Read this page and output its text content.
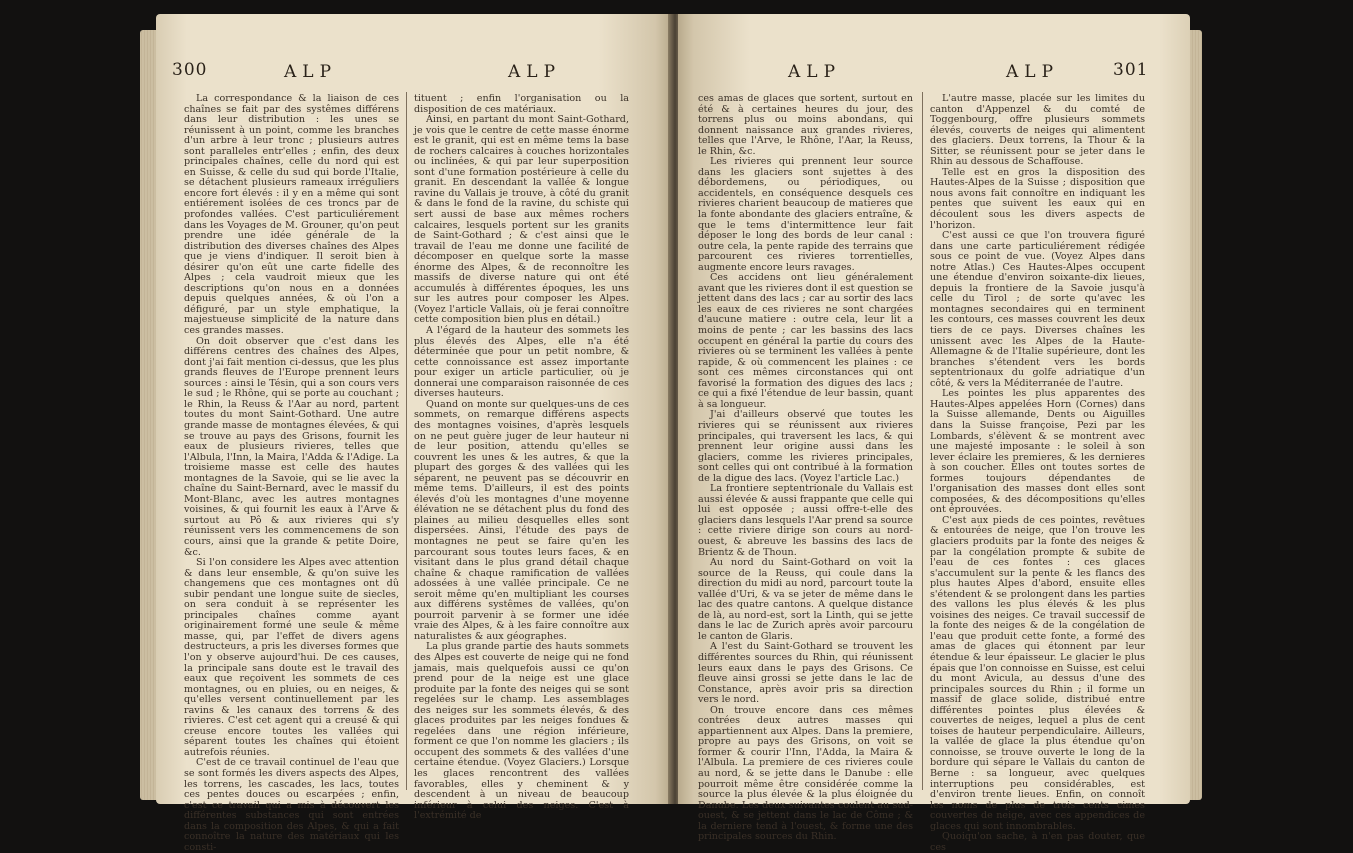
300	ALP	ALP

La correspondance & la liaison de ces chaînes se fait par des systêmes différens dans leur distribution : les unes se réunissent à un point, comme les branches d'un arbre à leur tronc ; plusieurs autres sont paralleles entr'elles ; enfin, des deux principales chaînes, celle du nord qui est en Suisse, & celle du sud qui borde l'Italie, se détachent plusieurs rameaux irréguliers encore fort élevés : il y en a même qui sont entiérement isolées de ces troncs par de profondes vallées. C'est particuliérement dans les Voyages de M. Grouner, qu'on peut prendre une idée générale de la distribution des diverses chaînes des Alpes que je viens d'indiquer. Il seroit bien à désirer qu'on eût une carte fidelle des Alpes ; cela vaudroit mieux que les descriptions qu'on nous en a données depuis quelques années, & où l'on a défiguré, par un style emphatique, la majestueuse simplicité de la nature dans ces grandes masses.

On doit observer que c'est dans les différens centres des chaînes des Alpes, dont j'ai fait mention ci-dessus, que les plus grands fleuves de l'Europe prennent leurs sources : ainsi le Tésin, qui a son cours vers le sud ; le Rhône, qui se porte au couchant ; le Rhin, la Reuss & l'Aar au nord, partent toutes du mont Saint-Gothard. Une autre grande masse de montagnes élevées, & qui se trouve au pays des Grisons, fournit les eaux de plusieurs rivieres, telles que l'Albula, l'Inn, la Maira, l'Adda & l'Adige. La troisieme masse est celle des hautes montagnes de la Savoie, qui se lie avec la chaîne du Saint-Bernard, avec le massif du Mont-Blanc, avec les autres montagnes voisines, & qui fournit les eaux à l'Arve & surtout au Pô & aux rivieres qui s'y réunissent vers les commencemens de son cours, ainsi que la grande & petite Doire, &c.

Si l'on considere les Alpes avec attention & dans leur ensemble, & qu'on suive les changemens que ces montagnes ont dû subir pendant une longue suite de siecles, on sera conduit à se représenter les principales chaînes comme ayant originairement formé une seule & même masse, qui, par l'effet de divers agens destructeurs, a pris les diverses formes que l'on y observe aujourd'hui. De ces causes, la principale sans doute est le travail des eaux que reçoivent les sommets de ces montagnes, ou en pluies, ou en neiges, & qu'elles versent continuellement par les ravins & les canaux des torrens & des rivieres. C'est cet agent qui a creusé & qui creuse encore toutes les vallées qui séparent toutes les chaînes qui étoient autrefois réunies.

C'est de ce travail continuel de l'eau que se sont formés les divers aspects des Alpes, les torrens, les cascades, les lacs, toutes ces pentes douces ou escarpées ; enfin, c'est ce travail qui a mis à découvert les différentes substances qui sont entrées dans la composition des Alpes, & qui a fait connoître la nature des matériaux qui les consti-

tituent ; enfin l'organisation ou la disposition de ces matériaux.

Ainsi, en partant du mont Saint-Gothard, je vois que le centre de cette masse énorme est le granit, qui est en même tems la base de rochers calcaires à couches horizontales ou inclinées, & qui par leur superposition sont d'une formation postérieure à celle du granit. En descendant la vallée & longue ravine du Vallais je trouve, à côté du granit & dans le fond de la ravine, du schiste qui sert aussi de base aux mêmes rochers calcaires, lesquels portent sur les granits de Saint-Gothard ; & c'est ainsi que le travail de l'eau me donne une facilité de décomposer en quelque sorte la masse énorme des Alpes, & de reconnoître les massifs de diverse nature qui ont été accumulés à différentes époques, les uns sur les autres pour composer les Alpes. (Voyez l'article Vallais, où je ferai connoître cette composition bien plus en détail.)

A l'égard de la hauteur des sommets les plus élevés des Alpes, elle n'a été déterminée que pour un petit nombre, & cette connoissance est assez importante pour exiger un article particulier, où je donnerai une comparaison raisonnée de ces diverses hauteurs.

Quand on monte sur quelques-uns de ces sommets, on remarque différens aspects des montagnes voisines, d'après lesquels on ne peut guère juger de leur hauteur ni de leur position, attendu qu'elles se couvrent les unes & les autres, & que la plupart des gorges & des vallées qui les séparent, ne peuvent pas se découvrir en même tems. D'ailleurs, il est des points élevés d'où les montagnes d'une moyenne élévation ne se détachent plus du fond des plaines au milieu desquelles elles sont dispersées. Ainsi, l'étude des pays de montagnes ne peut se faire qu'en les parcourant sous toutes leurs faces, & en visitant dans le plus grand détail chaque chaîne & chaque ramification de vallées adossées à une vallée principale. Ce ne seroit même qu'en multipliant les courses aux différens systêmes de vallées, qu'on pourroit parvenir à se former une idée vraie des Alpes, & à les faire connoître aux naturalistes & aux géographes.

La plus grande partie des hauts sommets des Alpes est couverte de neige qui ne fond jamais, mais quelquefois aussi ce qu'on prend pour de la neige est une glace produite par la fonte des neiges qui se sont regelées sur le champ. Les assemblages des neiges sur les sommets élevés, & des glaces produites par les neiges fondues & regelées dans une région inférieure, forment ce que l'on nomme les glaciers ; ils occupent des sommets & des vallées d'une certaine étendue. (Voyez Glaciers.) Lorsque les glaces rencontrent des vallées favorables, elles y cheminent & y descendent à un niveau de beaucoup inférieur à celui des neiges. C'est à l'extrémité de

ALP	ALP	301

ces amas de glaces que sortent, surtout en été & à certaines heures du jour, des torrens plus ou moins abondans, qui donnent naissance aux grandes rivieres, telles que l'Arve, le Rhône, l'Aar, la Reuss, le Rhin, &c.

Les rivieres qui prennent leur source dans les glaciers sont sujettes à des débordemens, ou périodiques, ou accidentels, en conséquence desquels ces rivieres charient beaucoup de matieres que la fonte abondante des glaciers entraîne, & que le tems d'intermittence leur fait déposer le long des bords de leur canal : outre cela, la pente rapide des terrains que parcourent ces rivieres torrentielles, augmente encore leurs ravages.

Ces accidens ont lieu généralement avant que les rivieres dont il est question se jettent dans des lacs ; car au sortir des lacs les eaux de ces rivieres ne sont chargées d'aucune matiere : outre cela, leur lit a moins de pente ; car les bassins des lacs occupent en général la partie du cours des rivieres où se terminent les vallées à pente rapide, & où commencent les plaines : ce sont ces mêmes circonstances qui ont favorisé la formation des digues des lacs ; ce qui a fixé l'étendue de leur bassin, quant à sa longueur.

J'ai d'ailleurs observé que toutes les rivieres qui se réunissent aux rivieres principales, qui traversent les lacs, & qui prennent leur origine aussi dans les glaciers, comme les rivieres principales, sont celles qui ont contribué à la formation de la digue des lacs. (Voyez l'article Lac.)

La frontiere septentrionale du Vallais est aussi élevée & aussi frappante que celle qui lui est opposée ; aussi offre-t-elle des glaciers dans lesquels l'Aar prend sa source : cette riviere dirige son cours au nord-ouest, & abreuve les bassins des lacs de Brientz & de Thoun.

Au nord du Saint-Gothard on voit la source de la Reuss, qui coule dans la direction du midi au nord, parcourt toute la vallée d'Uri, & va se jeter de même dans le lac des quatre cantons. A quelque distance de là, au nord-est, sort la Linth, qui se jette dans le lac de Zurich après avoir parcouru le canton de Glaris.

A l'est du Saint-Gothard se trouvent les différentes sources du Rhin, qui réunissent leurs eaux dans le pays des Grisons. Ce fleuve ainsi grossi se jette dans le lac de Constance, après avoir pris sa direction vers le nord.

On trouve encore dans ces mêmes contrées deux autres masses qui appartiennent aux Alpes. Dans la premiere, propre au pays des Grisons, on voit se former & courir l'Inn, l'Adda, la Maira & l'Albula. La premiere de ces rivieres coule au nord, & se jette dans le Danube : elle pourroit même être considérée comme la source la plus élevée & la plus éloignée du Danube. Les deux suivantes coulent au sud-ouest, & se jettent dans le lac de Côme ; & la derniere tend à l'ouest, & forme une des principales sources du Rhin.

L'autre masse, placée sur les limites du canton d'Appenzel & du comté de Toggenbourg, offre plusieurs sommets élevés, couverts de neiges qui alimentent des glaciers. Deux torrens, la Thour & la Sitter, se réunissent pour se jeter dans le Rhin au dessous de Schaffouse.

Telle est en gros la disposition des Hautes-Alpes de la Suisse ; disposition que nous avons fait connoître en indiquant les pentes que suivent les eaux qui en découlent sous les divers aspects de l'horizon.

C'est aussi ce que l'on trouvera figuré dans une carte particuliérement rédigée sous ce point de vue. (Voyez Alpes dans notre Atlas.) Ces Hautes-Alpes occupent une étendue d'environ soixante-dix lieues, depuis la frontiere de la Savoie jusqu'à celle du Tirol ; de sorte qu'avec les montagnes secondaires qui en terminent les contours, ces masses couvrent les deux tiers de ce pays. Diverses chaînes les unissent avec les Alpes de la Haute-Allemagne & de l'Italie supérieure, dont les branches s'étendent vers les bords septentrionaux du golfe adriatique d'un côté, & vers la Méditerranée de l'autre.

Les pointes les plus apparentes des Hautes-Alpes appelées Horn (Cornes) dans la Suisse allemande, Dents ou Aiguilles dans la Suisse françoise, Pezi par les Lombards, s'élèvent & se montrent avec une majesté imposante : le soleil à son lever éclaire les premieres, & les dernieres à son coucher. Elles ont toutes sortes de formes toujours dépendantes de l'organisation des masses dont elles sont composées, & des décompositions qu'elles ont éprouvées.

C'est aux pieds de ces pointes, revêtues & entourées de neige, que l'on trouve les glaciers produits par la fonte des neiges & par la congélation prompte & subite de l'eau de ces fontes : ces glaces s'accumulent sur la pente & les flancs des plus hautes Alpes d'abord, ensuite elles s'étendent & se prolongent dans les parties des vallons les plus élevés & les plus voisines des neiges. Ce travail successif de la fonte des neiges & de la congélation de l'eau que produit cette fonte, a formé des amas de glaces qui étonnent par leur étendue & leur épaisseur. Le glacier le plus épais que l'on connoisse en Suisse, est celui du mont Avicula, au dessus d'une des principales sources du Rhin ; il forme un massif de glace solide, distribué entre différentes pointes plus élevées & couvertes de neiges, lequel a plus de cent toises de hauteur perpendiculaire. Ailleurs, la vallée de glace la plus étendue qu'on connoisse, se trouve ouverte le long de la bordure qui sépare le Vallais du canton de Berne : sa longueur, avec quelques interruptions peu considérables, est d'environ trente lieues. Enfin, on connoît les noms de plus de trois cents cimes couvertes de neige, avec ces appendices de glaces qui sont innombrables.

Quoiqu'on sache, à n'en pas douter, que ces
